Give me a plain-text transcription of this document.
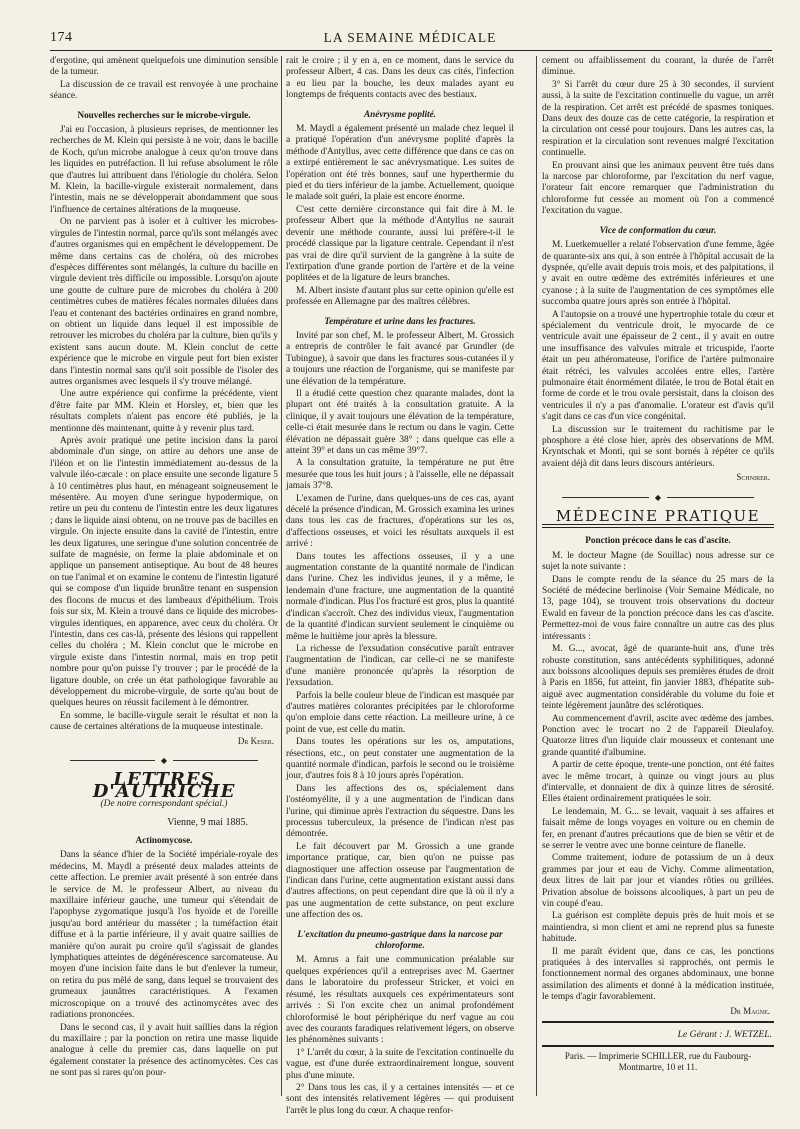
174	LA SEMAINE MÉDICALE

d'ergotine, qui amènent quelquefois une diminution sensible de la tumeur.

La discussion de ce travail est renvoyée à une prochaine séance.

Nouvelles recherches sur le microbe-virgule.

J'ai eu l'occasion, à plusieurs reprises, de mentionner les recherches de M. Klein qui persiste à ne voir, dans le bacille de Koch, qu'un microbe analogue à ceux qu'on trouve dans les liquides en putréfaction. Il lui refuse absolument le rôle que d'autres lui attribuent dans l'étiologie du choléra. Selon M. Klein, la bacille-virgule existerait normalement, dans l'intestin, mais ne se développerait abondamment que sous l'influence de certaines altérations de la muqueuse.

On ne parvient pas à isoler et à cultiver les microbes-virgules de l'intestin normal, parce qu'ils sont mélangés avec d'autres organismes qui en empêchent le développement. De même dans certains cas de choléra, où des microbes d'espèces différentes sont mélangés, la culture du bacille en virgule devient très difficile ou impossible. Lorsqu'on ajoute une goutte de culture pure de microbes du choléra à 200 centimètres cubes de matières fécales normales diluées dans l'eau et contenant des bactéries ordinaires en grand nombre, on obtient un liquide dans lequel il est impossible de retrouver les microbes du choléra par la culture, bien qu'ils y existent sans aucun doute. M. Klein conclut de cette expérience que le microbe en virgule peut fort bien exister dans l'intestin normal sans qu'il soit possible de l'isoler des autres organismes avec lesquels il s'y trouve mélangé.

Une autre expérience qui confirme la précédente, vient d'être faite par MM. Klein et Horsley, et, bien que les résultats complets n'aient pas encore été publiés, je la mentionne dès maintenant, quitte à y revenir plus tard.

Après avoir pratiqué une petite incision dans la paroi abdominale d'un singe, on attire au dehors une anse de l'iléon et on lie l'intestin immédiatement au-dessus de la valvule iléo-cæcale : on place ensuite une seconde ligature 5 à 10 centimètres plus haut, en ménageant soigneusement le mésentère. Au moyen d'une seringue hypodermique, on retire un peu du contenu de l'intestin entre les deux ligatures ; dans le liquide ainsi obtenu, on ne trouve pas de bacilles en virgule. On injecte ensuite dans la cavité de l'intestin, entre les deux ligatures, une seringue d'une solution concentrée de sulfate de magnésie, on ferme la plaie abdominale et on applique un pansement antiseptique. Au bout de 48 heures on tue l'animal et on examine le contenu de l'intestin ligaturé qui se compose d'un liquide brunâtre tenant en suspension des flocons de mucus et des lambeaux d'épithélium. Trois fois sur six, M. Klein a trouvé dans ce liquide des microbes-virgules identiques, en apparence, avec ceux du choléra. Or l'intestin, dans ces cas-là, présente des lésions qui rappellent celles du choléra ; M. Klein conclut que le microbe en virgule existe dans l'intestin normal, mais en trop petit nombre pour qu'on puisse l'y trouver ; par le procédé de la ligature double, on crée un état pathologique favorable au développement du microbe-virgule, de sorte qu'au bout de quelques heures on réussit facilement à le démontrer.

En somme, le bacille-virgule serait le résultat et non la cause de certaines altérations de la muqueuse intestinale.

Dr Keser.
◆
LETTRES D'AUTRICHE
(De notre correspondant spécial.)
Vienne, 9 mai 1885.
Actinomycose.

Dans la séance d'hier de la Société impériale-royale des médecins, M. Maydl a présenté deux malades atteints de cette affection. Le premier avait présenté à son entrée dans le service de M. le professeur Albert, au niveau du maxillaire inférieur gauche, une tumeur qui s'étendait de l'apophyse zygomatique jusqu'à l'os hyoïde et de l'oreille jusqu'au bord antérieur du masséter ; la tuméfaction était diffuse et à la partie inférieure, il y avait quatre saillies de manière qu'on aurait pu croire qu'il s'agissait de glandes lymphatiques atteintes de dégénérescence sarcomateuse. Au moyen d'une incision faite dans le but d'enlever la tumeur, on retira du pus mêlé de sang, dans lequel se trouvaient des grumeaux jaunâtres caractéristiques. A l'examen microscopique on a trouvé des actinomycètes avec des radiations prononcées.

Dans le second cas, il y avait huit saillies dans la région du maxillaire ; par la ponction on retira une masse liquide analogue à celle du premier cas, dans laquelle on put également constater la présence des actinomycètes. Ces cas ne sont pas si rares qu'on pour-

rait le croire ; il y en a, en ce moment, dans le service du professeur Albert, 4 cas. Dans les deux cas cités, l'infection a eu lieu par la bouche, les deux malades ayant eu longtemps de fréquents contacts avec des bestiaux.

Anévrysme poplité.

M. Maydl a également présenté un malade chez lequel il a pratiqué l'opération d'un anévrysme poplité d'après la méthode d'Antyllus, avec cette différence que dans ce cas on a extirpé entièrement le sac anévrysmatique. Les suites de l'opération ont été très bonnes, sauf une hyperthermie du pied et du tiers inférieur de la jambe. Actuellement, quoique le malade soit guéri, la plaie est encore énorme.

C'est cette dernière circonstance qui fait dire à M. le professeur Albert que la méthode d'Antyllus ne saurait devenir une méthode courante, aussi lui préfère-t-il le procédé classique par la ligature centrale. Cependant il n'est pas vrai de dire qu'il survient de la gangrène à la suite de l'extirpation d'une grande portion de l'artère et de la veine poplitées et de la ligature de leurs branches.

M. Albert insiste d'autant plus sur cette opinion qu'elle est professée en Allemagne par des maîtres célèbres.

Température et urine dans les fractures.

Invité par son chef, M. le professeur Albert, M. Grossich a entrepris de contrôler le fait avancé par Grundler (de Tubingue), à savoir que dans les fractures sous-cutanées il y a toujours une réaction de l'organisme, qui se manifeste par une élévation de la température.

Il a étudié cette question chez quarante malades, dont la plupart ont été traités à la consultation gratuite. A la clinique, il y avait toujours une élévation de la température, celle-ci était mesurée dans le rectum ou dans le vagin. Cette élévation ne dépassait guère 38° ; dans quelque cas elle a atteint 39° et dans un cas même 39°7.

A la consultation gratuite, la température ne put être mesurée que tous les huit jours ; à l'aisselle, elle ne dépassait jamais 37°8.

L'examen de l'urine, dans quelques-uns de ces cas, ayant décelé la présence d'indican, M. Grossich examina les urines dans tous les cas de fractures, d'opérations sur les os, d'affections osseuses, et voici les résultats auxquels il est arrivé :

Dans toutes les affections osseuses, il y a une augmentation constante de la quantité normale de l'indican dans l'urine. Chez les individus jeunes, il y a même, le lendemain d'une fracture, une augmentation de la quantité normale d'indican. Plus l'os fracturé est gros, plus la quantité d'indican s'accroît. Chez des individus vieux, l'augmentation de la quantité d'indican survient seulement le cinquième ou même le huitième jour après la blessure.

La richesse de l'exsudation consécutive paraît entraver l'augmentation de l'indican, car celle-ci ne se manifeste d'une manière prononcée qu'après la résorption de l'exsudation.

Parfois la belle couleur bleue de l'indican est masquée par d'autres matières colorantes précipitées par le chloroforme qu'on emploie dans cette réaction. La meilleure urine, à ce point de vue, est celle du matin.

Dans toutes les opérations sur les os, amputations, résections, etc., on peut constater une augmentation de la quantité normale d'indican, parfois le second ou le troisième jour, d'autres fois 8 à 10 jours après l'opération.

Dans les affections des os, spécialement dans l'ostéomyélite, il y a une augmentation de l'indican dans l'urine, qui diminue après l'extraction du séquestre. Dans les processus tuberculeux, la présence de l'indican n'est pas démontrée.

Le fait découvert par M. Grossich a une grande importance pratique, car, bien qu'on ne puisse pas diagnostiquer une affection osseuse par l'augmentation de l'indican dans l'urine, cette augmentation existant aussi dans d'autres affections, on peut cependant dire que là où il n'y a pas une augmentation de cette substance, on peut exclure une affection des os.

L'excitation du pneumo-gastrique dans la narcose par chloroforme.

M. Amrus a fait une communication préalable sur quelques expériences qu'il a entreprises avec M. Gaertner dans le laboratoire du professeur Stricker, et voici en résumé, les résultats auxquels ces expérimentateurs sont arrivés : Si l'on excite chez un animal profondément chloroformisé le bout périphérique du nerf vague au cou avec des courants faradiques relativement légers, on observe les phénomènes suivants :

1° L'arrêt du cœur, à la suite de l'excitation continuelle du vague, est d'une durée extraordinairement longue, souvent plus d'une minute.

2° Dans tous les cas, il y a certaines intensités — et ce sont des intensités relativement légères — qui produisent l'arrêt le plus long du cœur. A chaque renfor-

cement ou affaiblissement du courant, la durée de l'arrêt diminue.

3° Si l'arrêt du cœur dure 25 à 30 secondes, il survient aussi, à la suite de l'excitation continuelle du vague, un arrêt de la respiration. Cet arrêt est précédé de spasmes toniques. Dans deux des douze cas de cette catégorie, la respiration et la circulation ont cessé pour toujours. Dans les autres cas, la respiration et la circulation sont revenues malgré l'excitation continuelle.

En prouvant ainsi que les animaux peuvent être tués dans la narcose par chloroforme, par l'excitation du nerf vague, l'orateur fait encore remarquer que l'administration du chloroforme fut cessée au moment où l'on a commencé l'excitation du vague.

Vice de conformation du cœur.

M. Luetkemueller a relaté l'observation d'une femme, âgée de quarante-six ans qui, à son entrée à l'hôpital accusait de la dyspnée, qu'elle avait depuis trois mois, et des palpitations, il y avait en outre œdème des extrémités inférieures et une cyanose ; à la suite de l'augmentation de ces symptômes elle succomba quatre jours après son entrée à l'hôpital.

A l'autopsie on a trouvé une hypertrophie totale du cœur et spécialement du ventricule droit, le myocarde de ce ventricule avait une épaisseur de 2 cent., il y avait en outre une insuffisance des valvules mitrale et tricuspide, l'aorte était un peu athéromateuse, l'orifice de l'artère pulmonaire était rétréci, les valvules accolées entre elles, l'artère pulmonaire était énormément dilatée, le trou de Botal était en forme de corde et le trou ovale persistait, dans la cloison des ventricules il n'y a pas d'anomalie. L'orateur est d'avis qu'il s'agit dans ce cas d'un vice congénital.

La discussion sur le traitement du rachitisme par le phosphore a été close hier, après des observations de MM. Kryntschak et Monti, qui se sont bornés à répéter ce qu'ils avaient déjà dit dans leurs discours antérieurs.

Schnirer.
◆
MÉDECINE PRATIQUE
Ponction précoce dans le cas d'ascite.

M. le docteur Magne (de Souillac) nous adresse sur ce sujet la note suivante :

Dans le compte rendu de la séance du 25 mars de la Société de médecine berlinoise (Voir Semaine Médicale, no 13, page 104), se trouvent trois observations du docteur Ewald en faveur de la ponction précoce dans les cas d'ascite. Permettez-moi de vous faire connaître un autre cas des plus intéressants :

M. G..., avocat, âgé de quarante-huit ans, d'une très robuste constitution, sans antécédents syphilitiques, adonné aux boissons alcooliques depuis ses premières études de droit à Paris en 1856, fut atteint, fin janvier 1883, d'hépatite sub-aiguë avec augmentation considérable du volume du foie et teinte légèrement jaunâtre des sclérotiques.

Au commencement d'avril, ascite avec œdème des jambes. Ponction avec le trocart no 2 de l'appareil Dieulafoy. Quatorze litres d'un liquide clair mousseux et contenant une grande quantité d'albumine.

A partir de cette époque, trente-une ponction, ont été faites avec le même trocart, à quinze ou vingt jours au plus d'intervalle, et donnaient de dix à quinze litres de sérosité. Elles étaient ordinairement pratiquées le soir.

Le lendemain, M. G... se levait, vaquait à ses affaires et faisait même de longs voyages en voiture ou en chemin de fer, en prenant d'autres précautions que de bien se vêtir et de se serrer le ventre avec une bonne ceinture de flanelle.

Comme traitement, iodure de potassium de un à deux grammes par jour et eau de Vichy. Comme alimentation, deux litres de lait par jour et viandes rôties ou grillées. Privation absolue de boissons alcooliques, à part un peu de vin coupé d'eau.

La guérison est complète depuis près de huit mois et se maintiendra, si mon client et ami ne reprend plus sa funeste habitude.

Il me paraît évident que, dans ce cas, les ponctions pratiquées à des intervalles si rapprochés, ont permis le fonctionnement normal des organes abdominaux, une bonne assimilation des aliments et donné à la médication instituée, le temps d'agir favorablement.

Dr Magne.
Le Gérant : J. WETZEL.
Paris. — Imprimerie SCHILLER, rue du Faubourg-
Montmartre, 10 et 11.
